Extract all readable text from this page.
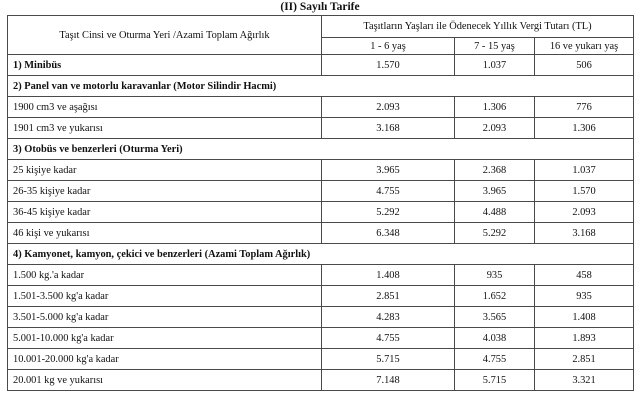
(II) Sayılı Tarife
Taşıt Cinsi ve Oturma Yeri /Azami Toplam Ağırlık	Taşıtların Yaşları ile Ödenecek Yıllık Vergi Tutarı (TL)		
	1 - 6 yaş	7 - 15 yaş	16 ve yukarı yaş
1) Minibüs	1.570	1.037	506
2) Panel van ve motorlu karavanlar (Motor Silindir Hacmi)			
1900 cm3 ve aşağısı	2.093	1.306	776
1901 cm3 ve yukarısı	3.168	2.093	1.306
3) Otobüs ve benzerleri (Oturma Yeri)			
25 kişiye kadar	3.965	2.368	1.037
26-35 kişiye kadar	4.755	3.965	1.570
36-45 kişiye kadar	5.292	4.488	2.093
46 kişi ve yukarısı	6.348	5.292	3.168
4) Kamyonet, kamyon, çekici ve benzerleri (Azami Toplam Ağırlık)			
1.500 kg.'a kadar	1.408	935	458
1.501-3.500 kg'a kadar	2.851	1.652	935
3.501-5.000 kg'a kadar	4.283	3.565	1.408
5.001-10.000 kg'a kadar	4.755	4.038	1.893
10.001-20.000 kg'a kadar	5.715	4.755	2.851
20.001 kg ve yukarısı	7.148	5.715	3.321
